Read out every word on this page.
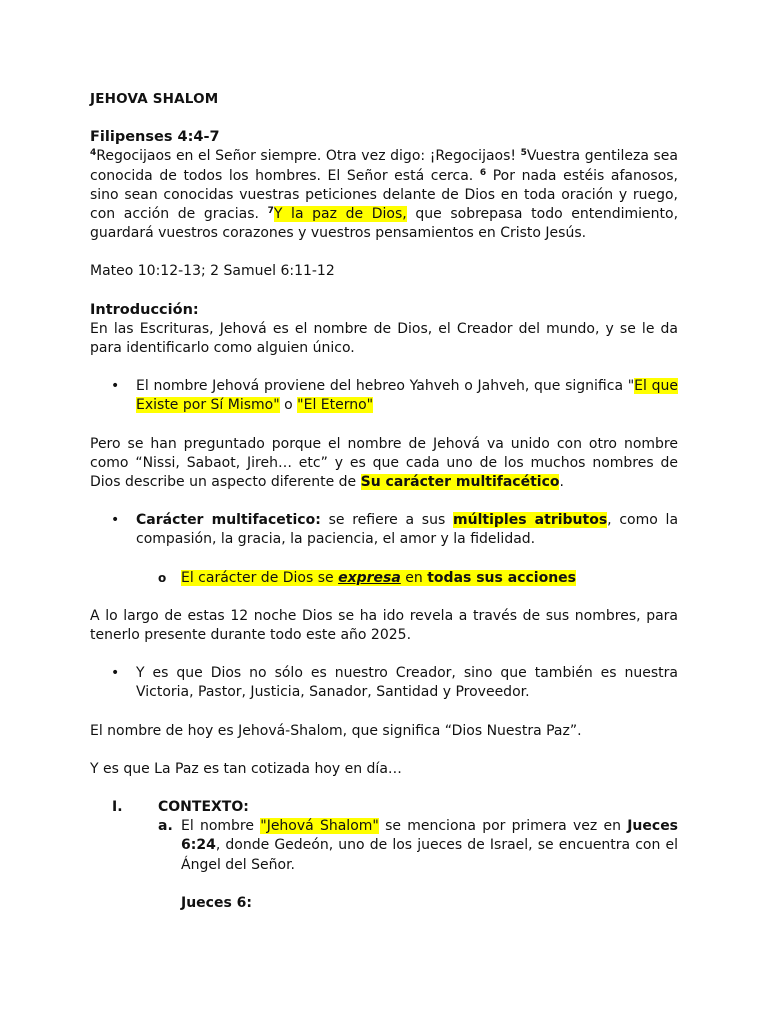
JEHOVA SHALOM

Filipenses 4:4-7

$^4$Regocijaos en el Señor siempre. Otra vez digo: ¡Regocijaos! $^5$Vuestra gentileza sea conocida de todos los hombres. El Señor está cerca. $^6$ Por nada estéis afanosos, sino sean conocidas vuestras peticiones delante de Dios en toda oración y ruego, con acción de gracias. $^7$Y la paz de Dios, que sobrepasa todo entendimiento, guardará vuestros corazones y vuestros pensamientos en Cristo Jesús.

Mateo 10:12-13; 2 Samuel 6:11-12

Introducción:

En las Escrituras, Jehová es el nombre de Dios, el Creador del mundo, y se le da para identificarlo como alguien único.

• El nombre Jehová proviene del hebreo Yahveh o Jahveh, que significa "El que Existe por Sí Mismo" o "El Eterno"

Pero se han preguntado porque el nombre de Jehová va unido con otro nombre como “Nissi, Sabaot, Jireh… etc” y es que cada uno de los muchos nombres de Dios describe un aspecto diferente de Su carácter multifacético.

• Carácter multifacetico: se refiere a sus múltiples atributos, como la compasión, la gracia, la paciencia, el amor y la fidelidad.

o El carácter de Dios se expresa en todas sus acciones

A lo largo de estas 12 noche Dios se ha ido revela a través de sus nombres, para tenerlo presente durante todo este año 2025.

• Y es que Dios no sólo es nuestro Creador, sino que también es nuestra Victoria, Pastor, Justicia, Sanador, Santidad y Proveedor.

El nombre de hoy es Jehová-Shalom, que significa “Dios Nuestra Paz”.

Y es que La Paz es tan cotizada hoy en día…

I.	CONTEXTO:

a. El nombre "Jehová Shalom" se menciona por primera vez en Jueces 6:24, donde Gedeón, uno de los jueces de Israel, se encuentra con el Ángel del Señor.

Jueces 6:
